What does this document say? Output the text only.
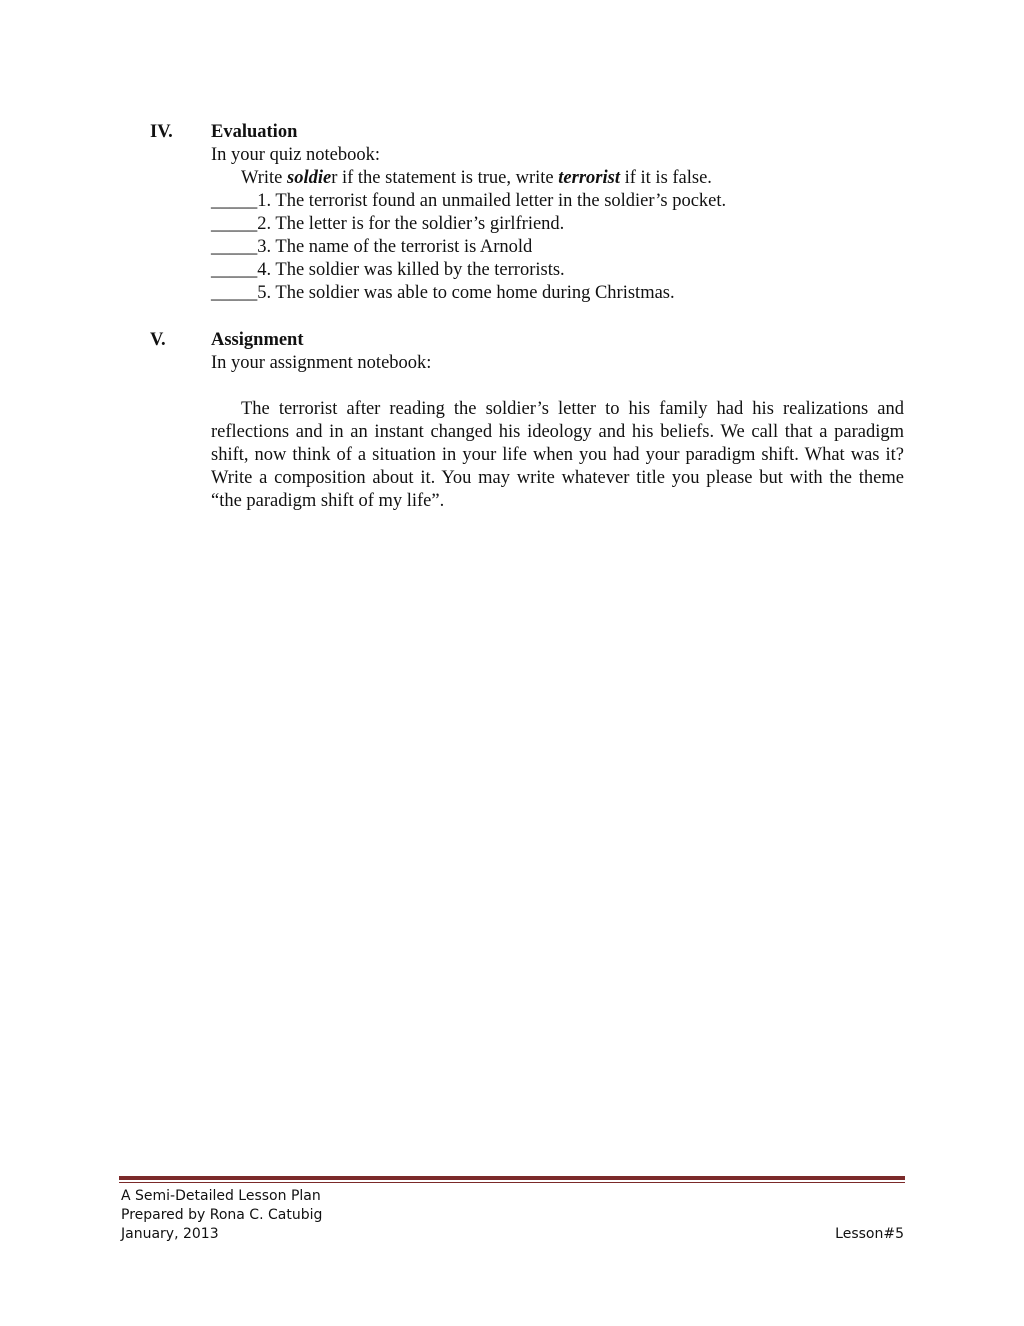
IV. Evaluation
In your quiz notebook:
Write soldier if the statement is true, write terrorist if it is false.
_____1. The terrorist found an unmailed letter in the soldier’s pocket.
_____2. The letter is for the soldier’s girlfriend.
_____3. The name of the terrorist is Arnold
_____4. The soldier was killed by the terrorists.
_____5. The soldier was able to come home during Christmas.
V. Assignment
In your assignment notebook:
The terrorist after reading the soldier’s letter to his family had his realizations and reflections and in an instant changed his ideology and his beliefs. We call that a paradigm shift, now think of a situation in your life when you had your paradigm shift. What was it? Write a composition about it. You may write whatever title you please but with the theme “the paradigm shift of my life”.
A Semi-Detailed Lesson Plan
Prepared by Rona C. Catubig
January, 2013	Lesson#5
